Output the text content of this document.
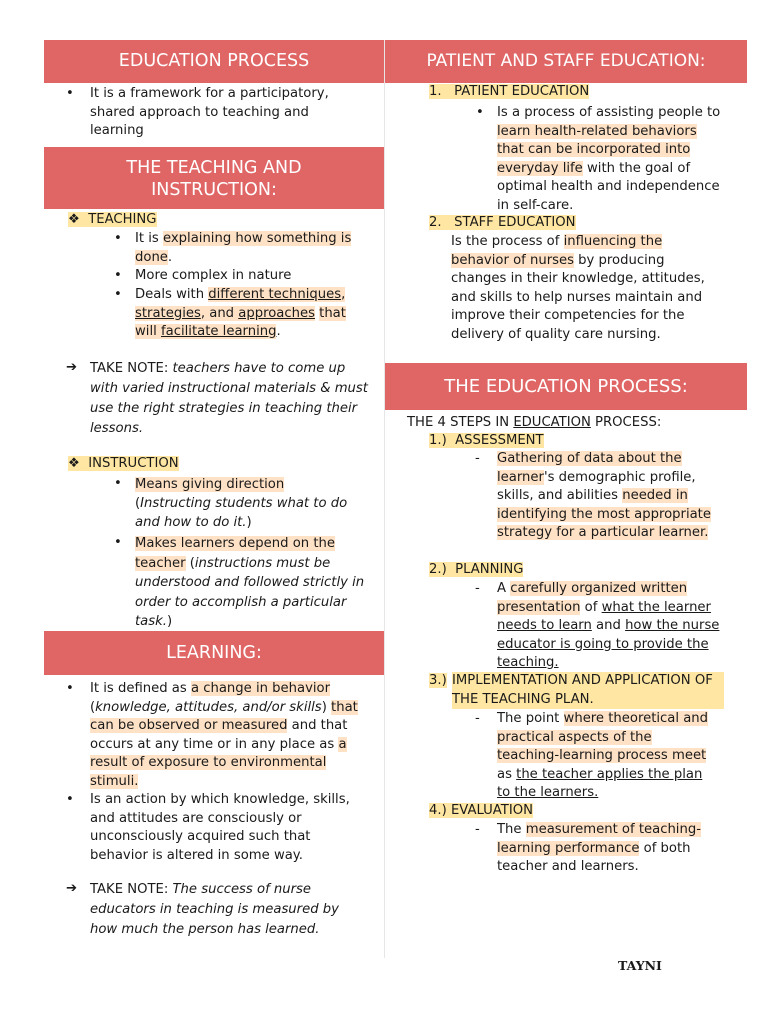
EDUCATION PROCESS
• It is a framework for a participatory, shared approach to teaching and learning

THE TEACHING AND
INSTRUCTION:
❖ TEACHING
• It is explaining how something is done.

• More complex in nature

• Deals with different techniques, strategies, and approaches that will facilitate learning.

➔ TAKE NOTE: teachers have to come up with varied instructional materials & must use the right strategies in teaching their lessons.

❖ INSTRUCTION
• Means giving direction (Instructing students what to do and how to do it.)

• Makes learners depend on the teacher (instructions must be understood and followed strictly in order to accomplish a particular task.)

LEARNING:
• It is defined as a change in behavior (knowledge, attitudes, and/or skills) that can be observed or measured and that occurs at any time or in any place as a result of exposure to environmental stimuli.

• Is an action by which knowledge, skills, and attitudes are consciously or unconsciously acquired such that behavior is altered in some way.

➔ TAKE NOTE: The success of nurse educators in teaching is measured by how much the person has learned.

PATIENT AND STAFF EDUCATION:
1. PATIENT EDUCATION
• Is a process of assisting people to learn health-related behaviors that can be incorporated into everyday life with the goal of optimal health and independence in self-care.

2. STAFF EDUCATION

Is the process of influencing the behavior of nurses by producing changes in their knowledge, attitudes, and skills to help nurses maintain and improve their competencies for the delivery of quality care nursing.

THE EDUCATION PROCESS:

THE 4 STEPS IN EDUCATION PROCESS:

1.) ASSESSMENT
- Gathering of data about the learner's demographic profile, skills, and abilities needed in identifying the most appropriate strategy for a particular learner.

2.) PLANNING
- A carefully organized written presentation of what the learner needs to learn and how the nurse educator is going to provide the teaching.

3.) IMPLEMENTATION AND APPLICATION OF THE TEACHING PLAN.
- The point where theoretical and practical aspects of the teaching-learning process meet as the teacher applies the plan to the learners.

4.) EVALUATION
- The measurement of teaching-learning performance of both teacher and learners.

TAYNI
